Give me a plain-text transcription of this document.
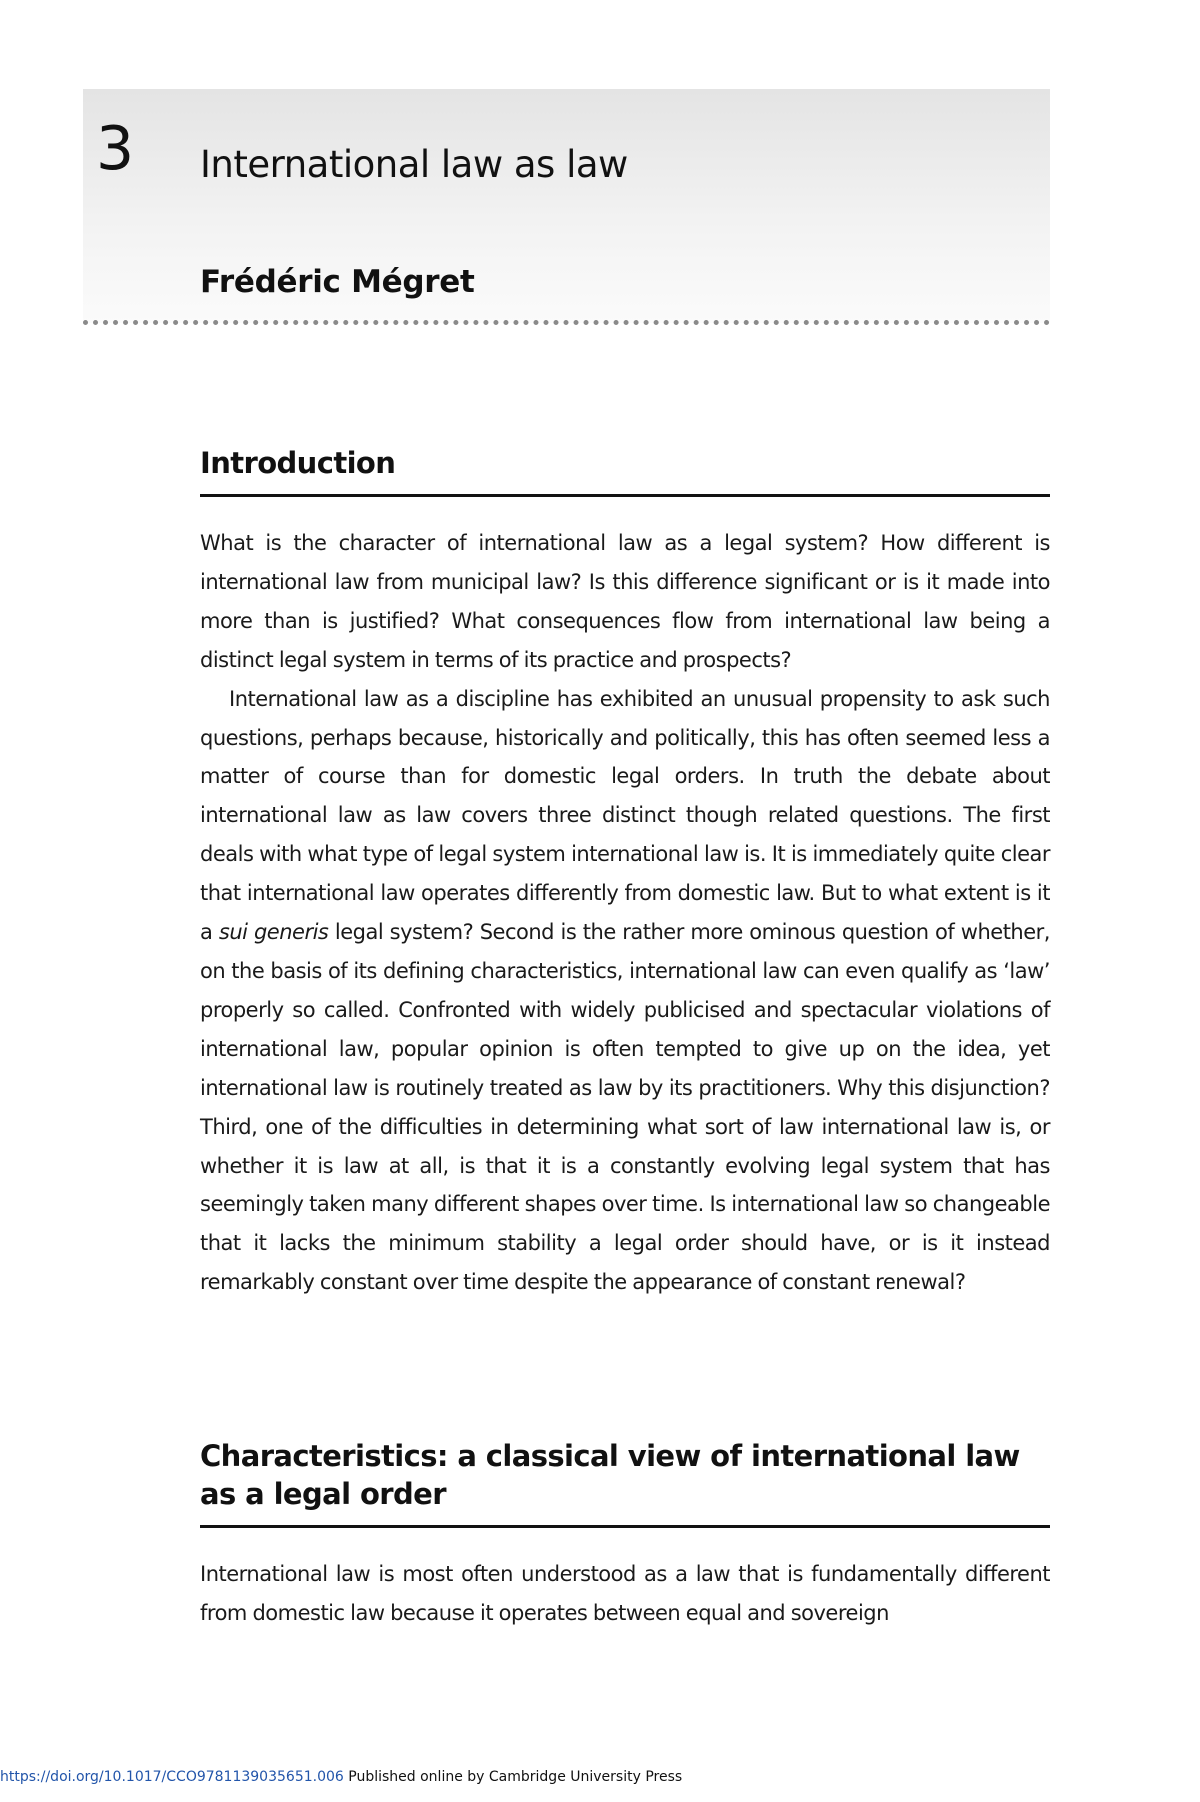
3 International law as law
Frédéric Mégret
Introduction

What is the character of international law as a legal system? How different is international law from municipal law? Is this difference significant or is it made into more than is justified? What consequences flow from international law being a distinct legal system in terms of its practice and prospects?

International law as a discipline has exhibited an unusual propensity to ask such questions, perhaps because, historically and politically, this has often seemed less a matter of course than for domestic legal orders. In truth the debate about international law as law covers three distinct though related questions. The first deals with what type of legal system international law is. It is immediately quite clear that international law operates differently from domestic law. But to what extent is it a sui generis legal system? Second is the rather more ominous question of whether, on the basis of its defining characteristics, international law can even qualify as ‘law’ properly so called. Confronted with widely publicised and spectacular violations of international law, popular opinion is often tempted to give up on the idea, yet international law is routinely treated as law by its practitioners. Why this disjunction? Third, one of the difficulties in determining what sort of law international law is, or whether it is law at all, is that it is a constantly evolving legal system that has seemingly taken many different shapes over time. Is international law so changeable that it lacks the minimum stability a legal order should have, or is it instead remarkably constant over time despite the appearance of constant renewal?

Characteristics: a classical view of international law
as a legal order

International law is most often understood as a law that is fundamentally different from domestic law because it operates between equal and sovereign

https://doi.org/10.1017/CCO9781139035651.006 Published online by Cambridge University Press
